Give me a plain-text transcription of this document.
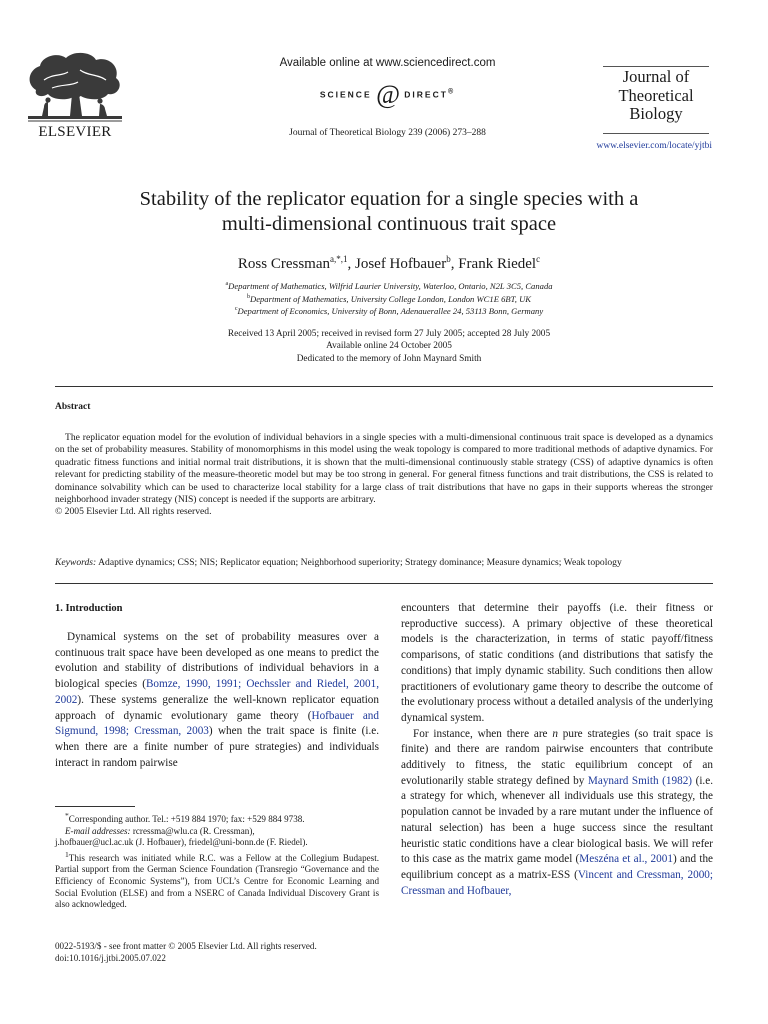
ELSEVIER
Available online at www.sciencedirect.com
SCIENCE @ DIRECT®
Journal of Theoretical Biology 239 (2006) 273–288
Journal of
Theoretical
Biology
www.elsevier.com/locate/yjtbi
Stability of the replicator equation for a single species with a
multi-dimensional continuous trait space
Ross Cressman$^{a,*,1}$, Josef Hofbauer$^b$, Frank Riedel$^c$
$^a$Department of Mathematics, Wilfrid Laurier University, Waterloo, Ontario, N2L 3C5, Canada
$^b$Department of Mathematics, University College London, London WC1E 6BT, UK
$^c$Department of Economics, University of Bonn, Adenauerallee 24, 53113 Bonn, Germany
Received 13 April 2005; received in revised form 27 July 2005; accepted 28 July 2005
Available online 24 October 2005
Dedicated to the memory of John Maynard Smith
Abstract

The replicator equation model for the evolution of individual behaviors in a single species with a multi-dimensional continuous trait space is developed as a dynamics on the set of probability measures. Stability of monomorphisms in this model using the weak topology is compared to more traditional methods of adaptive dynamics. For quadratic fitness functions and initial normal trait distributions, it is shown that the multi-dimensional continuously stable strategy (CSS) of adaptive dynamics is often relevant for predicting stability of the measure-theoretic model but may be too strong in general. For general fitness functions and trait distributions, the CSS is related to dominance solvability which can be used to characterize local stability for a large class of trait distributions that have no gaps in their supports whereas the stronger neighborhood invader strategy (NIS) concept is needed if the supports are arbitrary.

© 2005 Elsevier Ltd. All rights reserved.
Keywords: Adaptive dynamics; CSS; NIS; Replicator equation; Neighborhood superiority; Strategy dominance; Measure dynamics; Weak topology
1. Introduction

Dynamical systems on the set of probability measures over a continuous trait space have been developed as one means to predict the evolution and stability of distributions of individual behaviors in a biological species (Bomze, 1990, 1991; Oechssler and Riedel, 2001, 2002). These systems generalize the well-known replicator equation approach of dynamic evolutionary game theory (Hofbauer and Sigmund, 1998; Cressman, 2003) when the trait space is finite (i.e. when there are a finite number of pure strategies) and individuals interact in random pairwise

encounters that determine their payoffs (i.e. their fitness or reproductive success). A primary objective of these theoretical models is the characterization, in terms of static payoff/fitness comparisons, of static conditions (and distributions that satisfy the conditions) that imply dynamic stability. Such conditions then allow practitioners of evolutionary game theory to describe the outcome of the evolutionary process without a detailed analysis of the underlying dynamical system.

For instance, when there are n pure strategies (so trait space is finite) and there are random pairwise encounters that contribute additively to fitness, the static equilibrium concept of an evolutionarily stable strategy defined by Maynard Smith (1982) (i.e. a strategy for which, whenever all individuals use this strategy, the population cannot be invaded by a rare mutant under the influence of natural selection) has been a huge success since the resultant heuristic static conditions have a clear biological basis. We will refer to this case as the matrix game model (Meszéna et al., 2001) and the equilibrium concept as a matrix-ESS (Vincent and Cressman, 2000; Cressman and Hofbauer,

*Corresponding author. Tel.: +519 884 1970; fax: +529 884 9738.

E-mail addresses: rcressma@wlu.ca (R. Cressman),

j.hofbauer@ucl.ac.uk (J. Hofbauer), friedel@uni-bonn.de (F. Riedel).

$^1$This research was initiated while R.C. was a Fellow at the Collegium Budapest. Partial support from the German Science Foundation (Transregio “Governance and the Efficiency of Economic Systems”), from UCL’s Centre for Economic Learning and Social Evolution (ELSE) and from a NSERC of Canada Individual Discovery Grant is also acknowledged.

0022-5193/$ - see front matter © 2005 Elsevier Ltd. All rights reserved.
doi:10.1016/j.jtbi.2005.07.022
